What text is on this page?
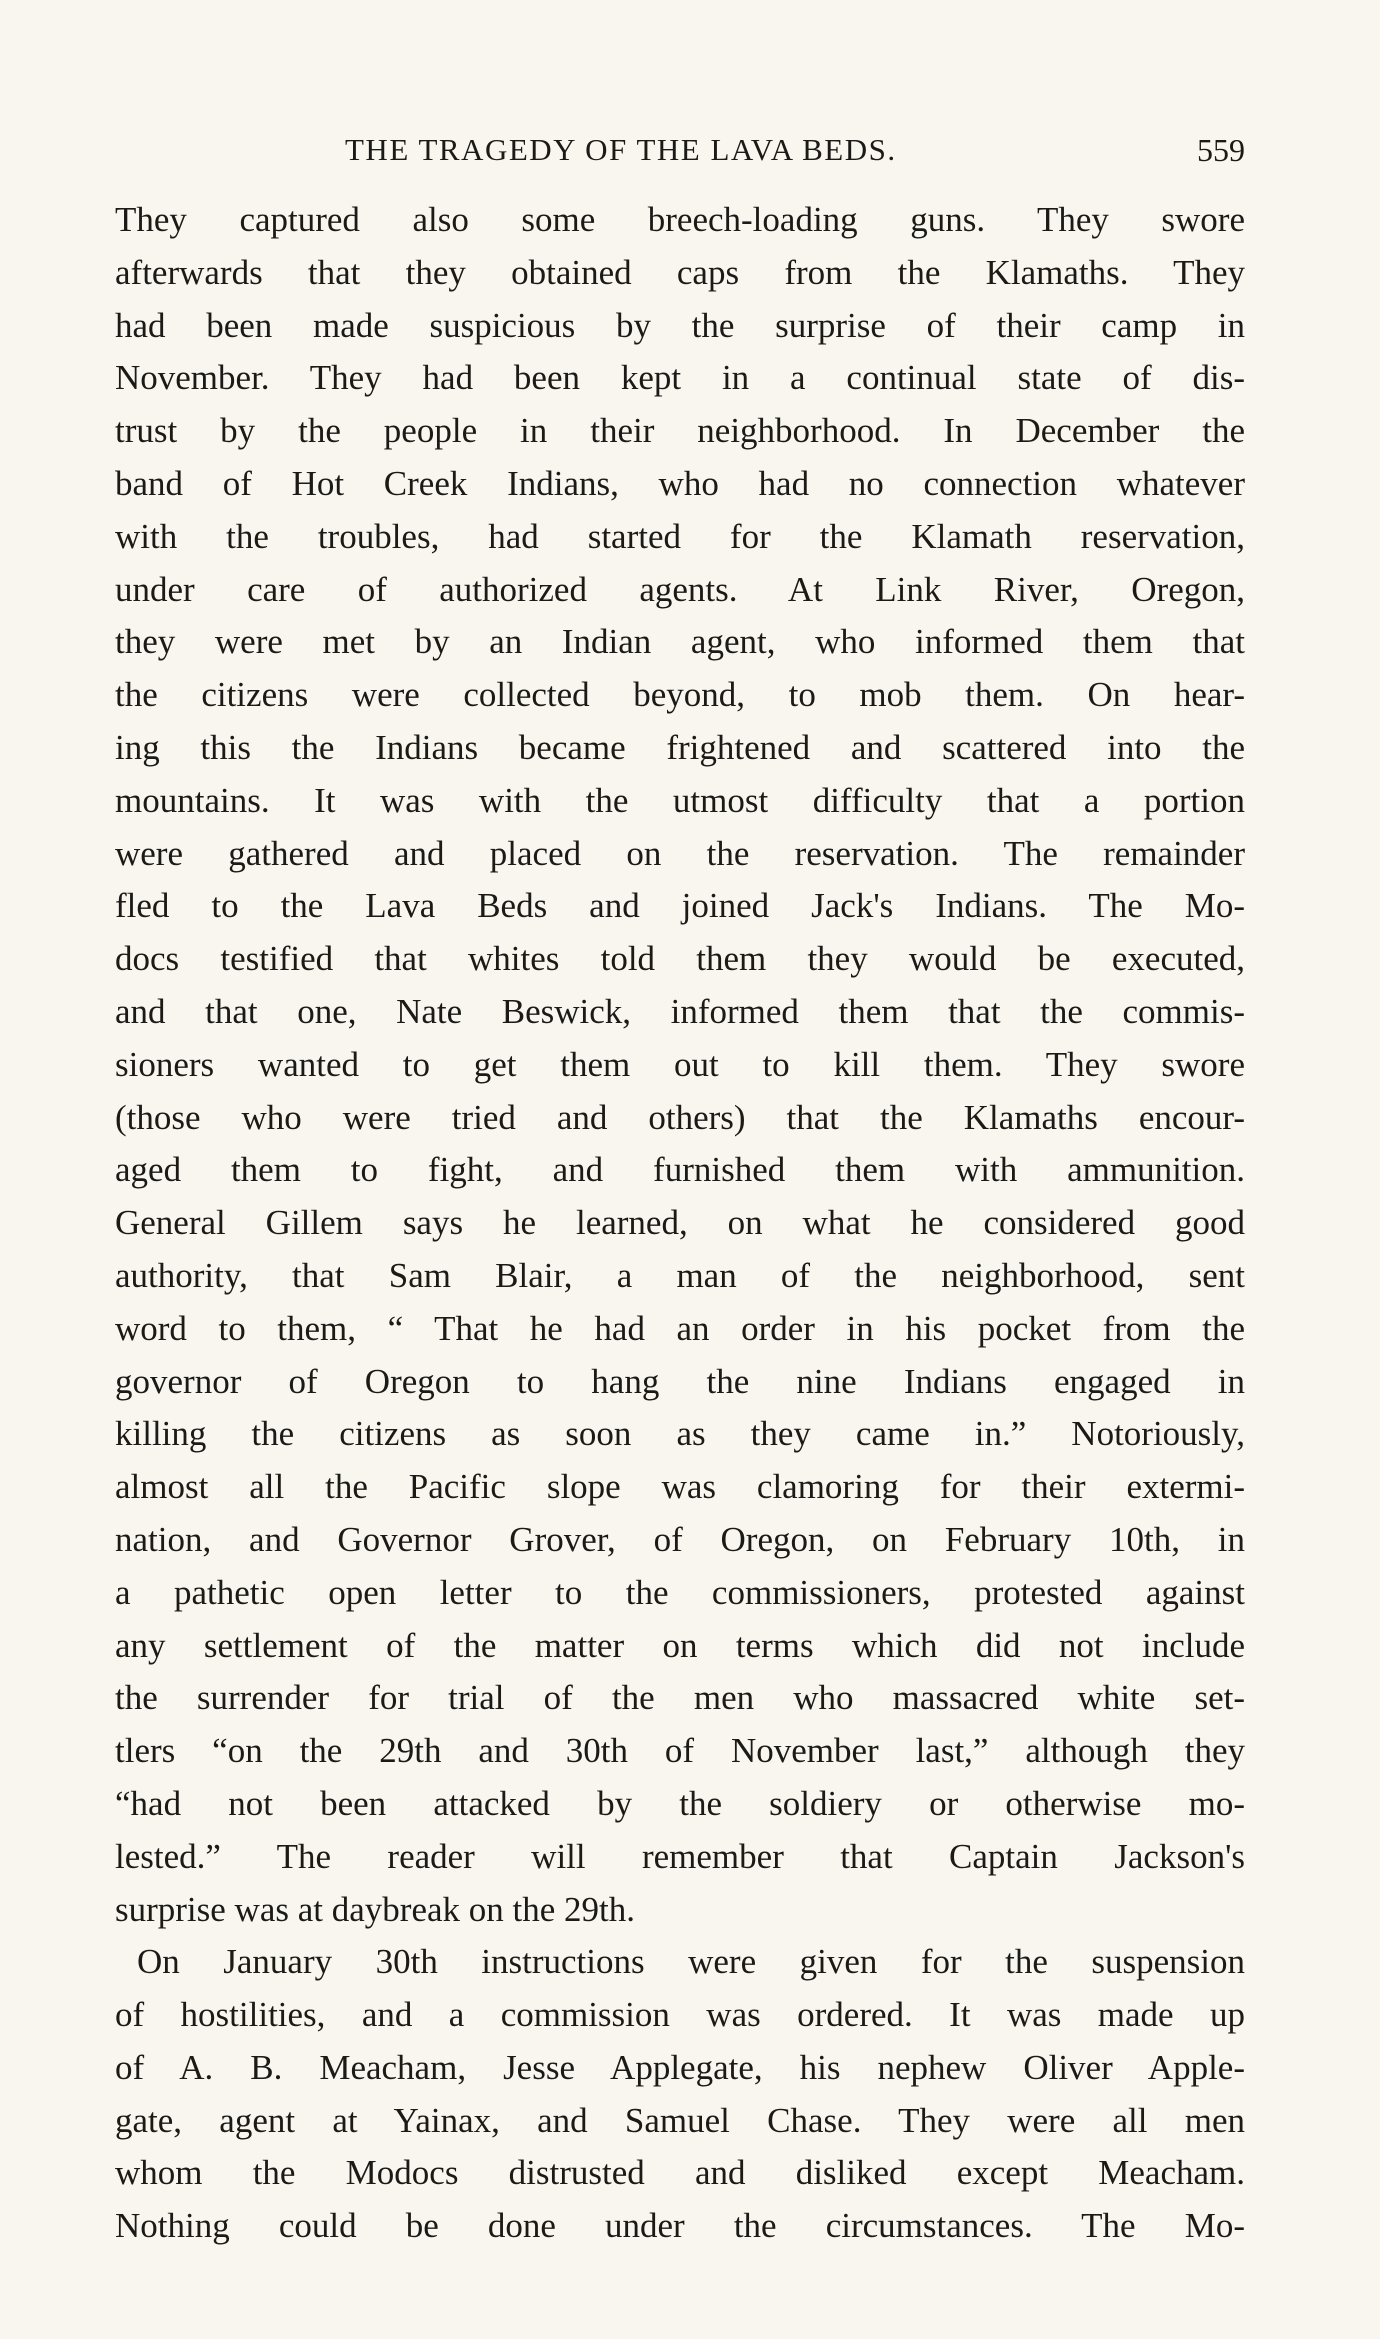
THE TRAGEDY OF THE LAVA BEDS.	559
They captured also some breech-loading guns. They swore
afterwards that they obtained caps from the Klamaths. They
had been made suspicious by the surprise of their camp in
November. They had been kept in a continual state of dis-
trust by the people in their neighborhood. In December the
band of Hot Creek Indians, who had no connection whatever
with the troubles, had started for the Klamath reservation,
under care of authorized agents. At Link River, Oregon,
they were met by an Indian agent, who informed them that
the citizens were collected beyond, to mob them. On hear-
ing this the Indians became frightened and scattered into the
mountains. It was with the utmost difficulty that a portion
were gathered and placed on the reservation. The remainder
fled to the Lava Beds and joined Jack's Indians. The Mo-
docs testified that whites told them they would be executed,
and that one, Nate Beswick, informed them that the commis-
sioners wanted to get them out to kill them. They swore
(those who were tried and others) that the Klamaths encour-
aged them to fight, and furnished them with ammunition.
General Gillem says he learned, on what he considered good
authority, that Sam Blair, a man of the neighborhood, sent
word to them, “ That he had an order in his pocket from the
governor of Oregon to hang the nine Indians engaged in
killing the citizens as soon as they came in.” Notoriously,
almost all the Pacific slope was clamoring for their extermi-
nation, and Governor Grover, of Oregon, on February 10th, in
a pathetic open letter to the commissioners, protested against
any settlement of the matter on terms which did not include
the surrender for trial of the men who massacred white set-
tlers “on the 29th and 30th of November last,” although they
“had not been attacked by the soldiery or otherwise mo-
lested.” The reader will remember that Captain Jackson's
surprise was at daybreak on the 29th.
On January 30th instructions were given for the suspension
of hostilities, and a commission was ordered. It was made up
of A. B. Meacham, Jesse Applegate, his nephew Oliver Apple-
gate, agent at Yainax, and Samuel Chase. They were all men
whom the Modocs distrusted and disliked except Meacham.
Nothing could be done under the circumstances. The Mo-
